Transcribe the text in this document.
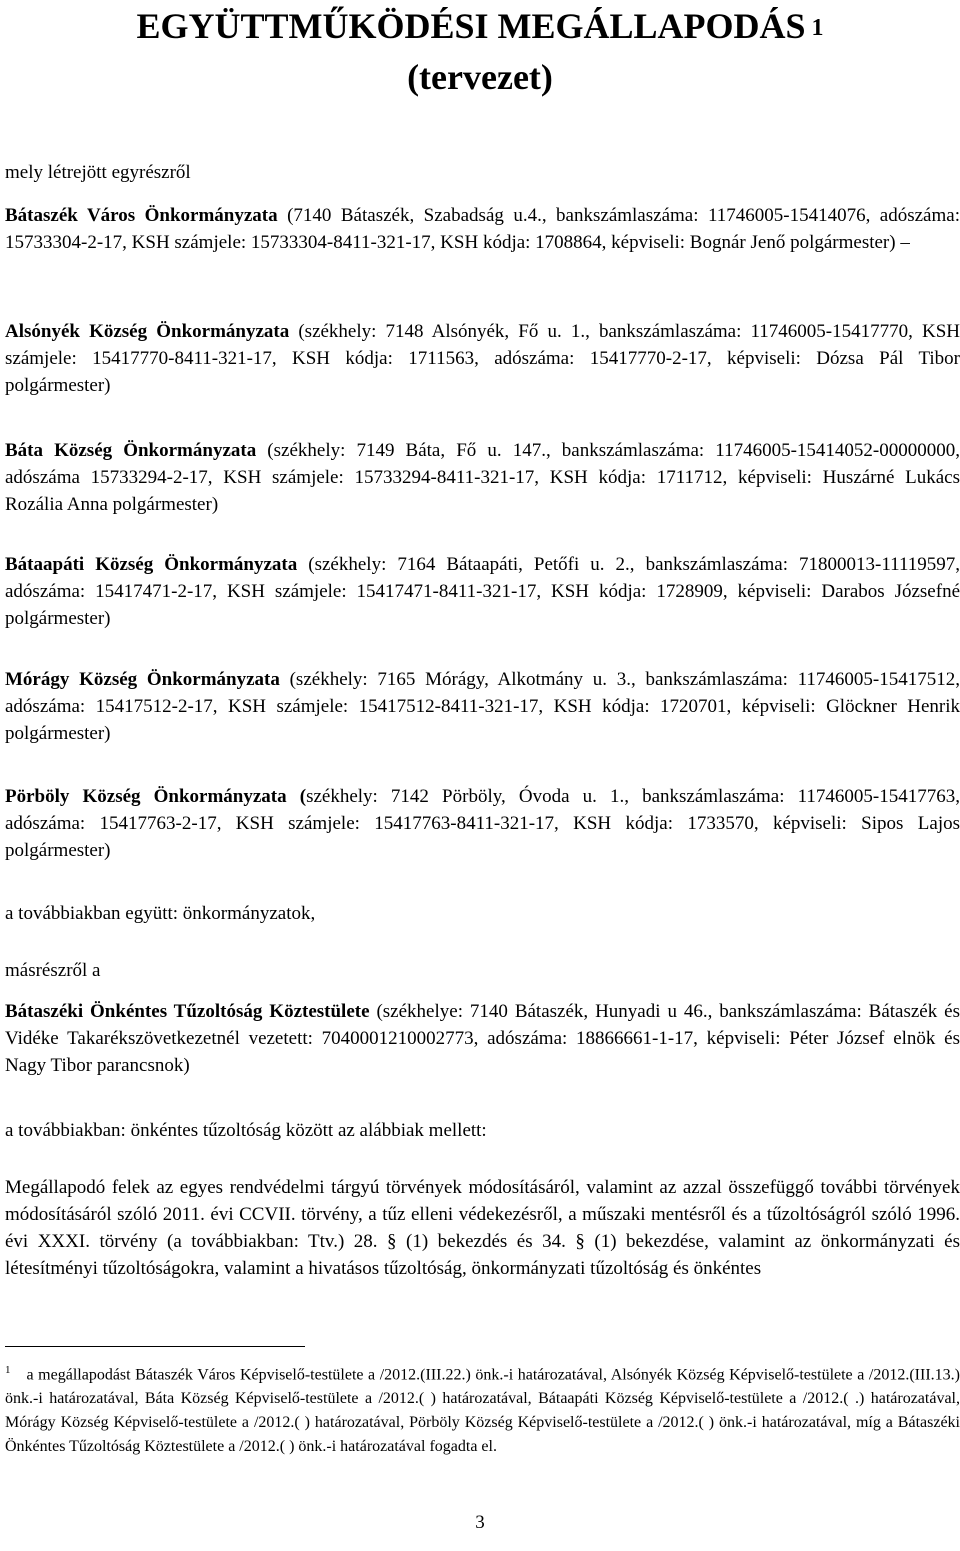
EGYÜTTMŰKÖDÉSI MEGÁLLAPODÁS $^1$
(tervezet)

mely létrejött egyrészről

Bátaszék Város Önkormányzata (7140 Bátaszék, Szabadság u.4., bankszámlaszáma: 11746005-15414076, adószáma: 15733304-2-17, KSH számjele: 15733304-8411-321-17, KSH kódja: 1708864, képviseli: Bognár Jenő polgármester) –

Alsónyék Község Önkormányzata (székhely: 7148 Alsónyék, Fő u. 1., bankszámlaszáma: 11746005-15417770, KSH számjele: 15417770-8411-321-17, KSH kódja: 1711563, adószáma: 15417770-2-17, képviseli: Dózsa Pál Tibor polgármester)

Báta Község Önkormányzata (székhely: 7149 Báta, Fő u. 147., bankszámlaszáma: 11746005-15414052-00000000, adószáma 15733294-2-17, KSH számjele: 15733294-8411-321-17, KSH kódja: 1711712, képviseli: Huszárné Lukács Rozália Anna polgármester)

Bátaapáti Község Önkormányzata (székhely: 7164 Bátaapáti, Petőfi u. 2., bankszámlaszáma: 71800013-11119597, adószáma: 15417471-2-17, KSH számjele: 15417471-8411-321-17, KSH kódja: 1728909, képviseli: Darabos Józsefné polgármester)

Mórágy Község Önkormányzata (székhely: 7165 Mórágy, Alkotmány u. 3., bankszámlaszáma: 11746005-15417512, adószáma: 15417512-2-17, KSH számjele: 15417512-8411-321-17, KSH kódja: 1720701, képviseli: Glöckner Henrik polgármester)

Pörböly Község Önkormányzata (székhely: 7142 Pörböly, Óvoda u. 1., bankszámlaszáma: 11746005-15417763, adószáma: 15417763-2-17, KSH számjele: 15417763-8411-321-17, KSH kódja: 1733570, képviseli: Sipos Lajos polgármester)

a továbbiakban együtt: önkormányzatok,

másrészről a

Bátaszéki Önkéntes Tűzoltóság Köztestülete (székhelye: 7140 Bátaszék, Hunyadi u 46., bankszámlaszáma: Bátaszék és Vidéke Takarékszövetkezetnél vezetett: 7040001210002773, adószáma: 18866661-1-17, képviseli: Péter József elnök és Nagy Tibor parancsnok)

a továbbiakban: önkéntes tűzoltóság között az alábbiak mellett:

Megállapodó felek az egyes rendvédelmi tárgyú törvények módosításáról, valamint az azzal összefüggő további törvények módosításáról szóló 2011. évi CCVII. törvény, a tűz elleni védekezésről, a műszaki mentésről és a tűzoltóságról szóló 1996. évi XXXI. törvény (a továbbiakban: Ttv.) 28. § (1) bekezdés és 34. § (1) bekezdése, valamint az önkormányzati és létesítményi tűzoltóságokra, valamint a hivatásos tűzoltóság, önkormányzati tűzoltóság és önkéntes

$^1$ a megállapodást Bátaszék Város Képviselő-testülete a /2012.(III.22.) önk.-i határozatával, Alsónyék Község Képviselő-testülete a /2012.(III.13.) önk.-i határozatával, Báta Község Képviselő-testülete a /2012.( ) határozatával, Bátaapáti Község Képviselő-testülete a /2012.( .) határozatával, Mórágy Község Képviselő-testülete a /2012.( ) határozatával, Pörböly Község Képviselő-testülete a /2012.( ) önk.-i határozatával, míg a Bátaszéki Önkéntes Tűzoltóság Köztestülete a /2012.( ) önk.-i határozatával fogadta el.

3
